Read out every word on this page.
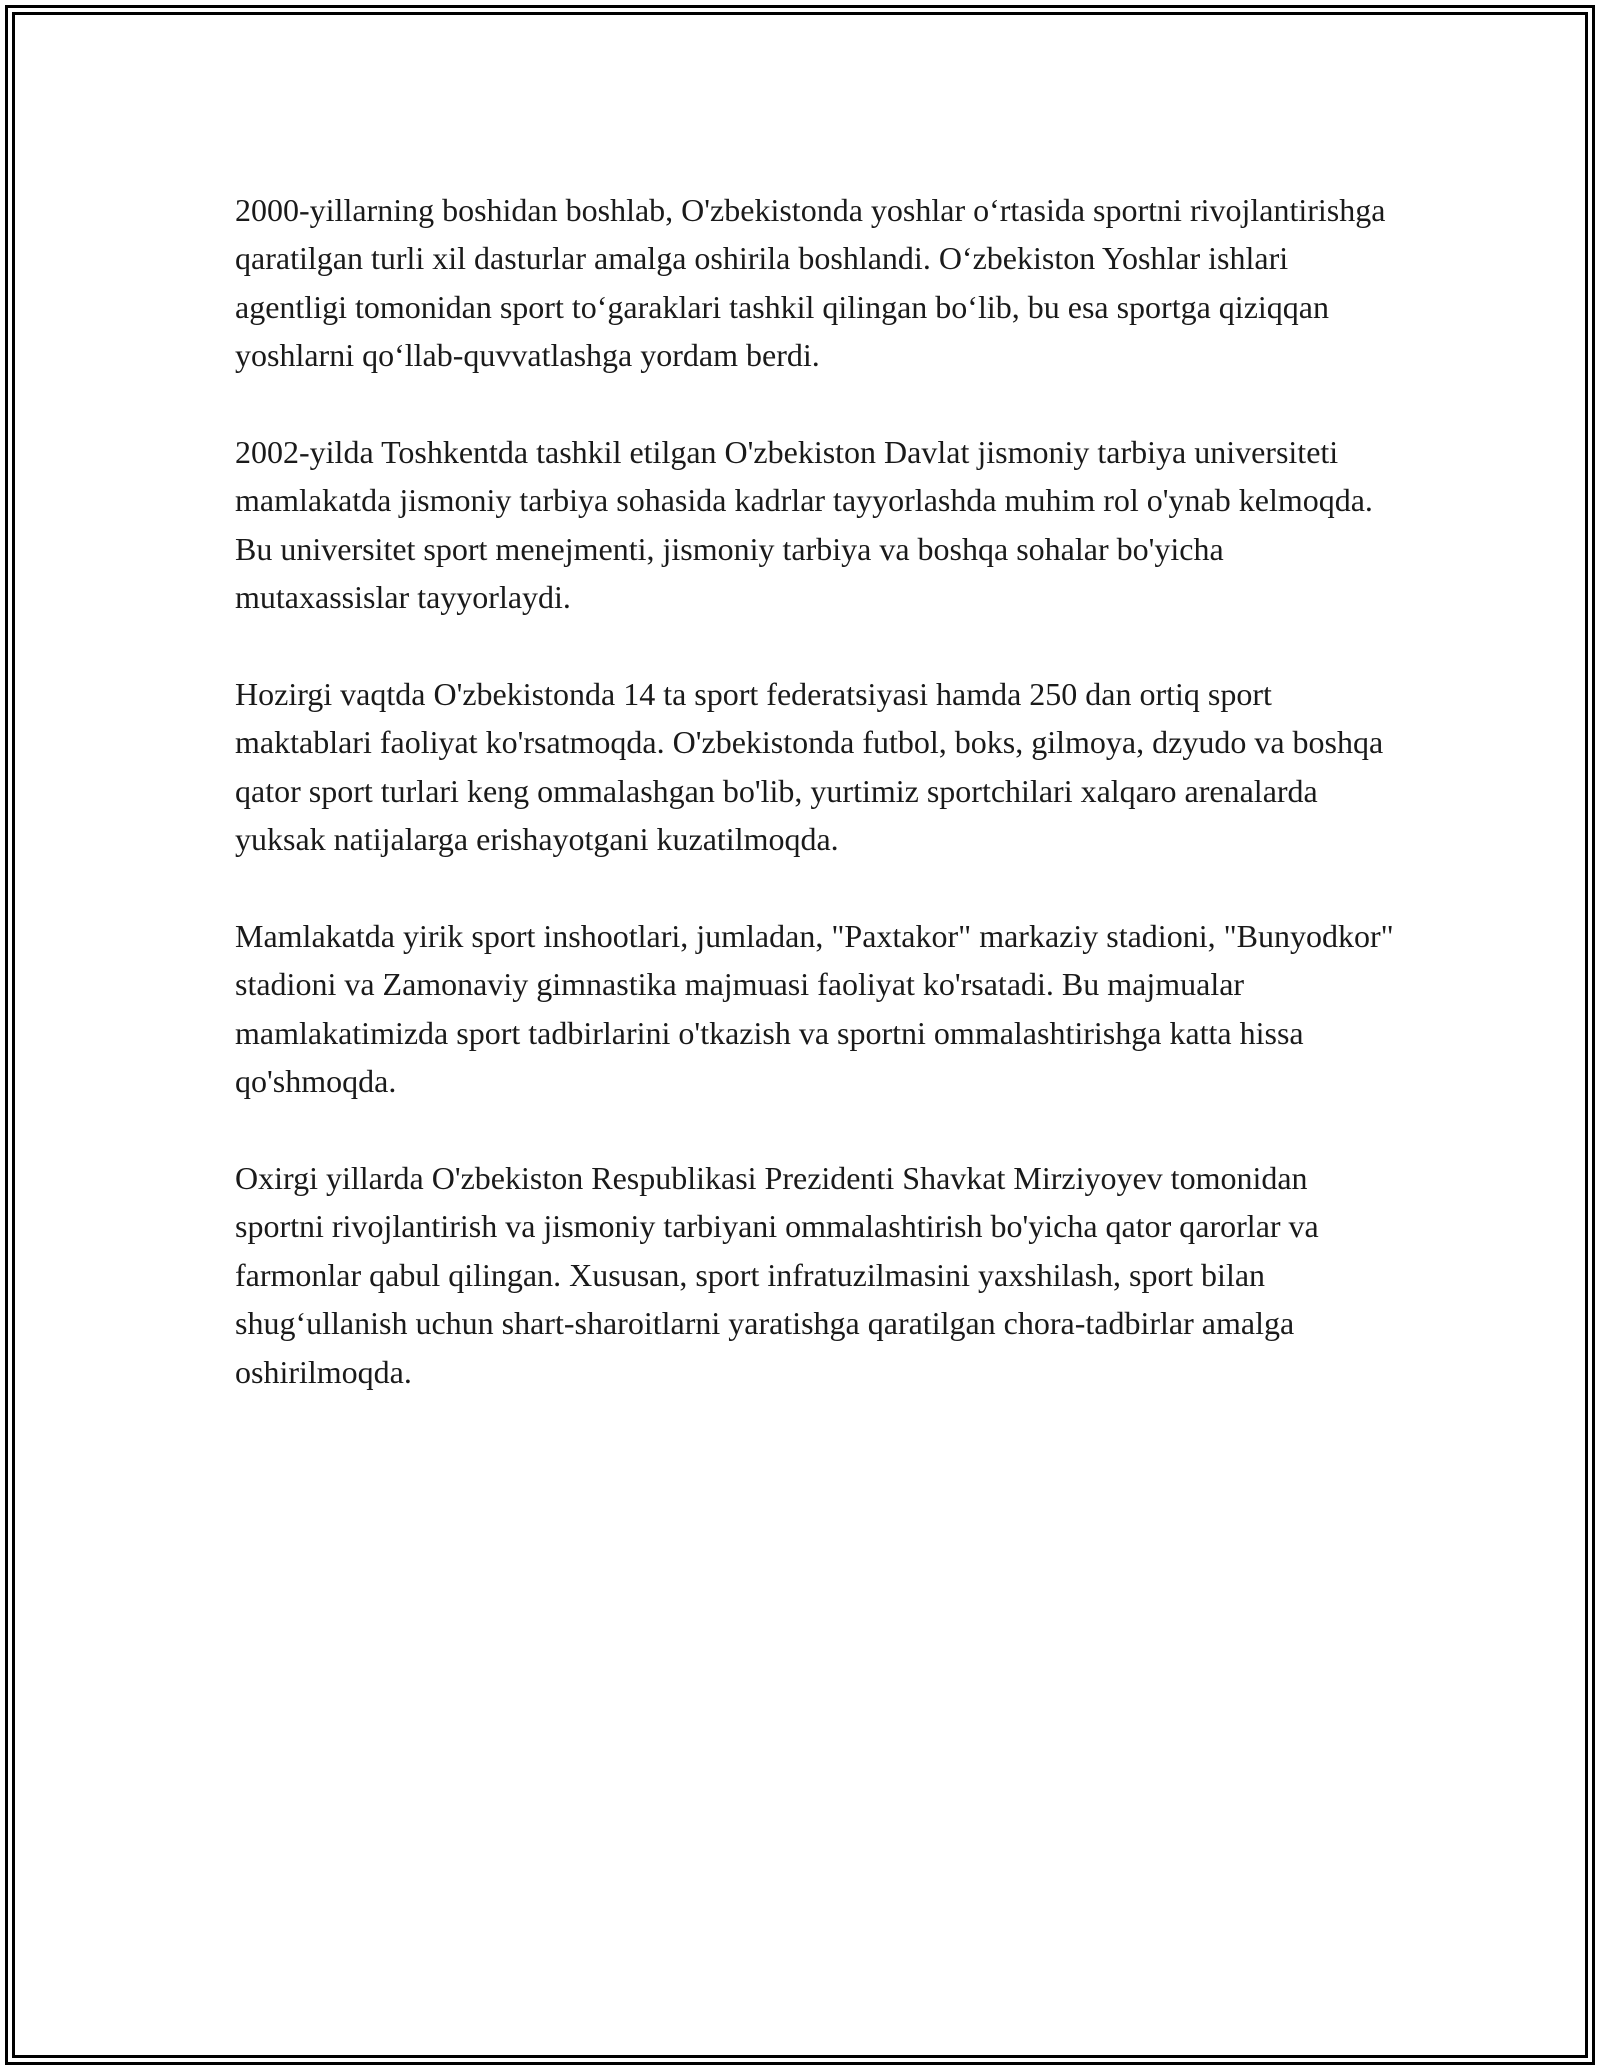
2000-yillarning boshidan boshlab, O'zbekistonda yoshlar o‘rtasida sportni rivojlantirishga qaratilgan turli xil dasturlar amalga oshirila boshlandi. O‘zbekiston Yoshlar ishlari agentligi tomonidan sport to‘garaklari tashkil qilingan bo‘lib, bu esa sportga qiziqqan yoshlarni qo‘llab-quvvatlashga yordam berdi.

2002-yilda Toshkentda tashkil etilgan O'zbekiston Davlat jismoniy tarbiya universiteti mamlakatda jismoniy tarbiya sohasida kadrlar tayyorlashda muhim rol o'ynab kelmoqda. Bu universitet sport menejmenti, jismoniy tarbiya va boshqa sohalar bo'yicha mutaxassislar tayyorlaydi.

Hozirgi vaqtda O'zbekistonda 14 ta sport federatsiyasi hamda 250 dan ortiq sport maktablari faoliyat ko'rsatmoqda. O'zbekistonda futbol, boks, gilmoya, dzyudo va boshqa qator sport turlari keng ommalashgan bo'lib, yurtimiz sportchilari xalqaro arenalarda yuksak natijalarga erishayotgani kuzatilmoqda.

Mamlakatda yirik sport inshootlari, jumladan, "Paxtakor" markaziy stadioni, "Bunyodkor" stadioni va Zamonaviy gimnastika majmuasi faoliyat ko'rsatadi. Bu majmualar mamlakatimizda sport tadbirlarini o'tkazish va sportni ommalashtirishga katta hissa qo'shmoqda.

Oxirgi yillarda O'zbekiston Respublikasi Prezidenti Shavkat Mirziyoyev tomonidan sportni rivojlantirish va jismoniy tarbiyani ommalashtirish bo'yicha qator qarorlar va farmonlar qabul qilingan. Xususan, sport infratuzilmasini yaxshilash, sport bilan shug‘ullanish uchun shart-sharoitlarni yaratishga qaratilgan chora-tadbirlar amalga oshirilmoqda.
